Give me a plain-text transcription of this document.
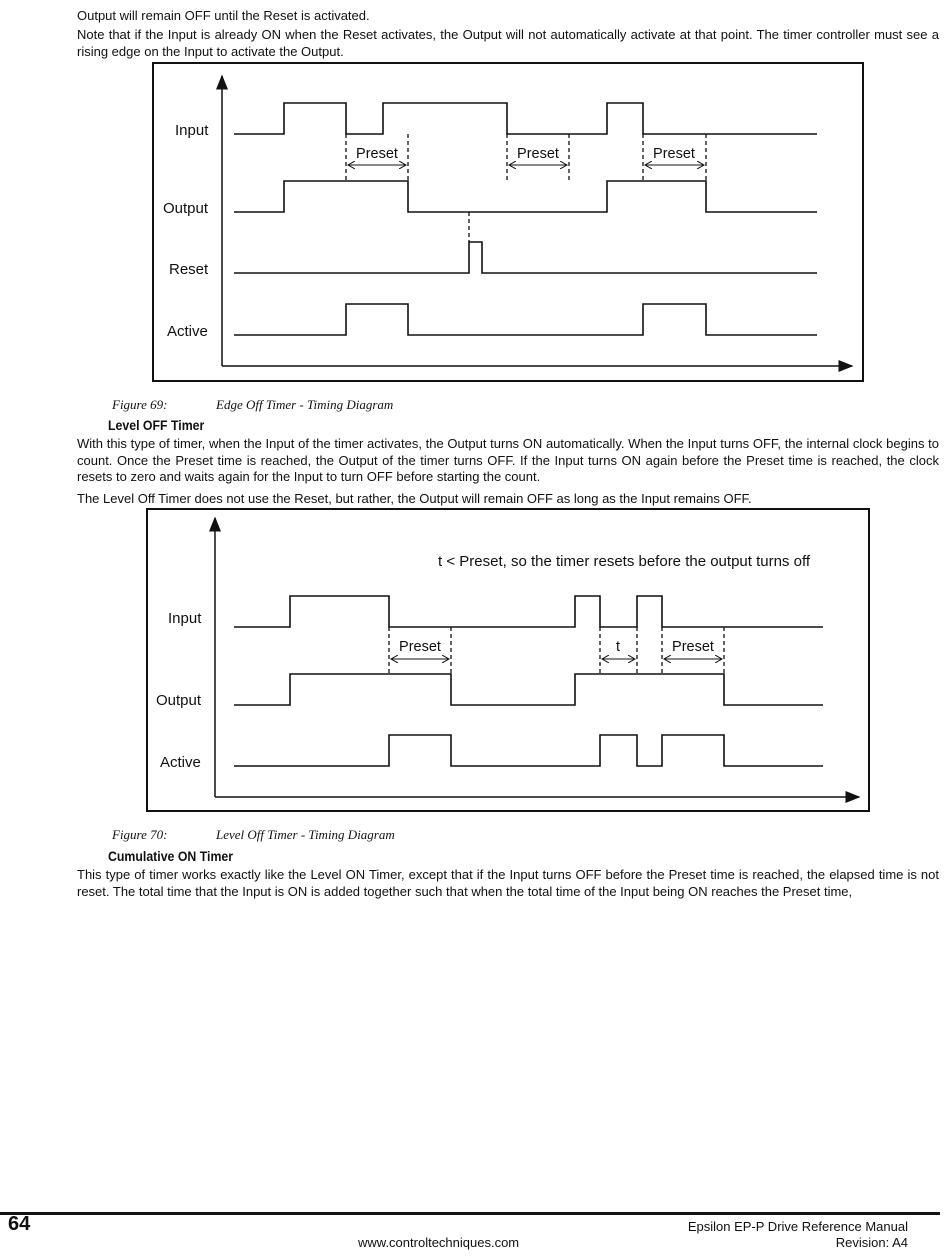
Output will remain OFF until the Reset is activated.
Note that if the Input is already ON when the Reset activates, the Output will not automatically activate at that point. The timer controller must see a rising edge on the Input to activate the Output.
Input
Output
Reset
Active
Preset	Preset	Preset
Figure 69:	Edge Off Timer - Timing Diagram
Level OFF Timer
With this type of timer, when the Input of the timer activates, the Output turns ON automatically. When the Input turns OFF, the internal clock begins to count. Once the Preset time is reached, the Output of the timer turns OFF. If the Input turns ON again before the Preset time is reached, the clock resets to zero and waits again for the Input to turn OFF before starting the count.
The Level Off Timer does not use the Reset, but rather, the Output will remain OFF as long as the Input remains OFF.
t < Preset, so the timer resets before the output turns off
Input
Output
Active
Preset	t	Preset
Figure 70:	Level Off Timer - Timing Diagram
Cumulative ON Timer
This type of timer works exactly like the Level ON Timer, except that if the Input turns OFF before the Preset time is reached, the elapsed time is not reset. The total time that the Input is ON is added together such that when the total time of the Input being ON reaches the Preset time,
64	Epsilon EP-P Drive Reference Manual
www.controltechniques.com	Revision: A4
